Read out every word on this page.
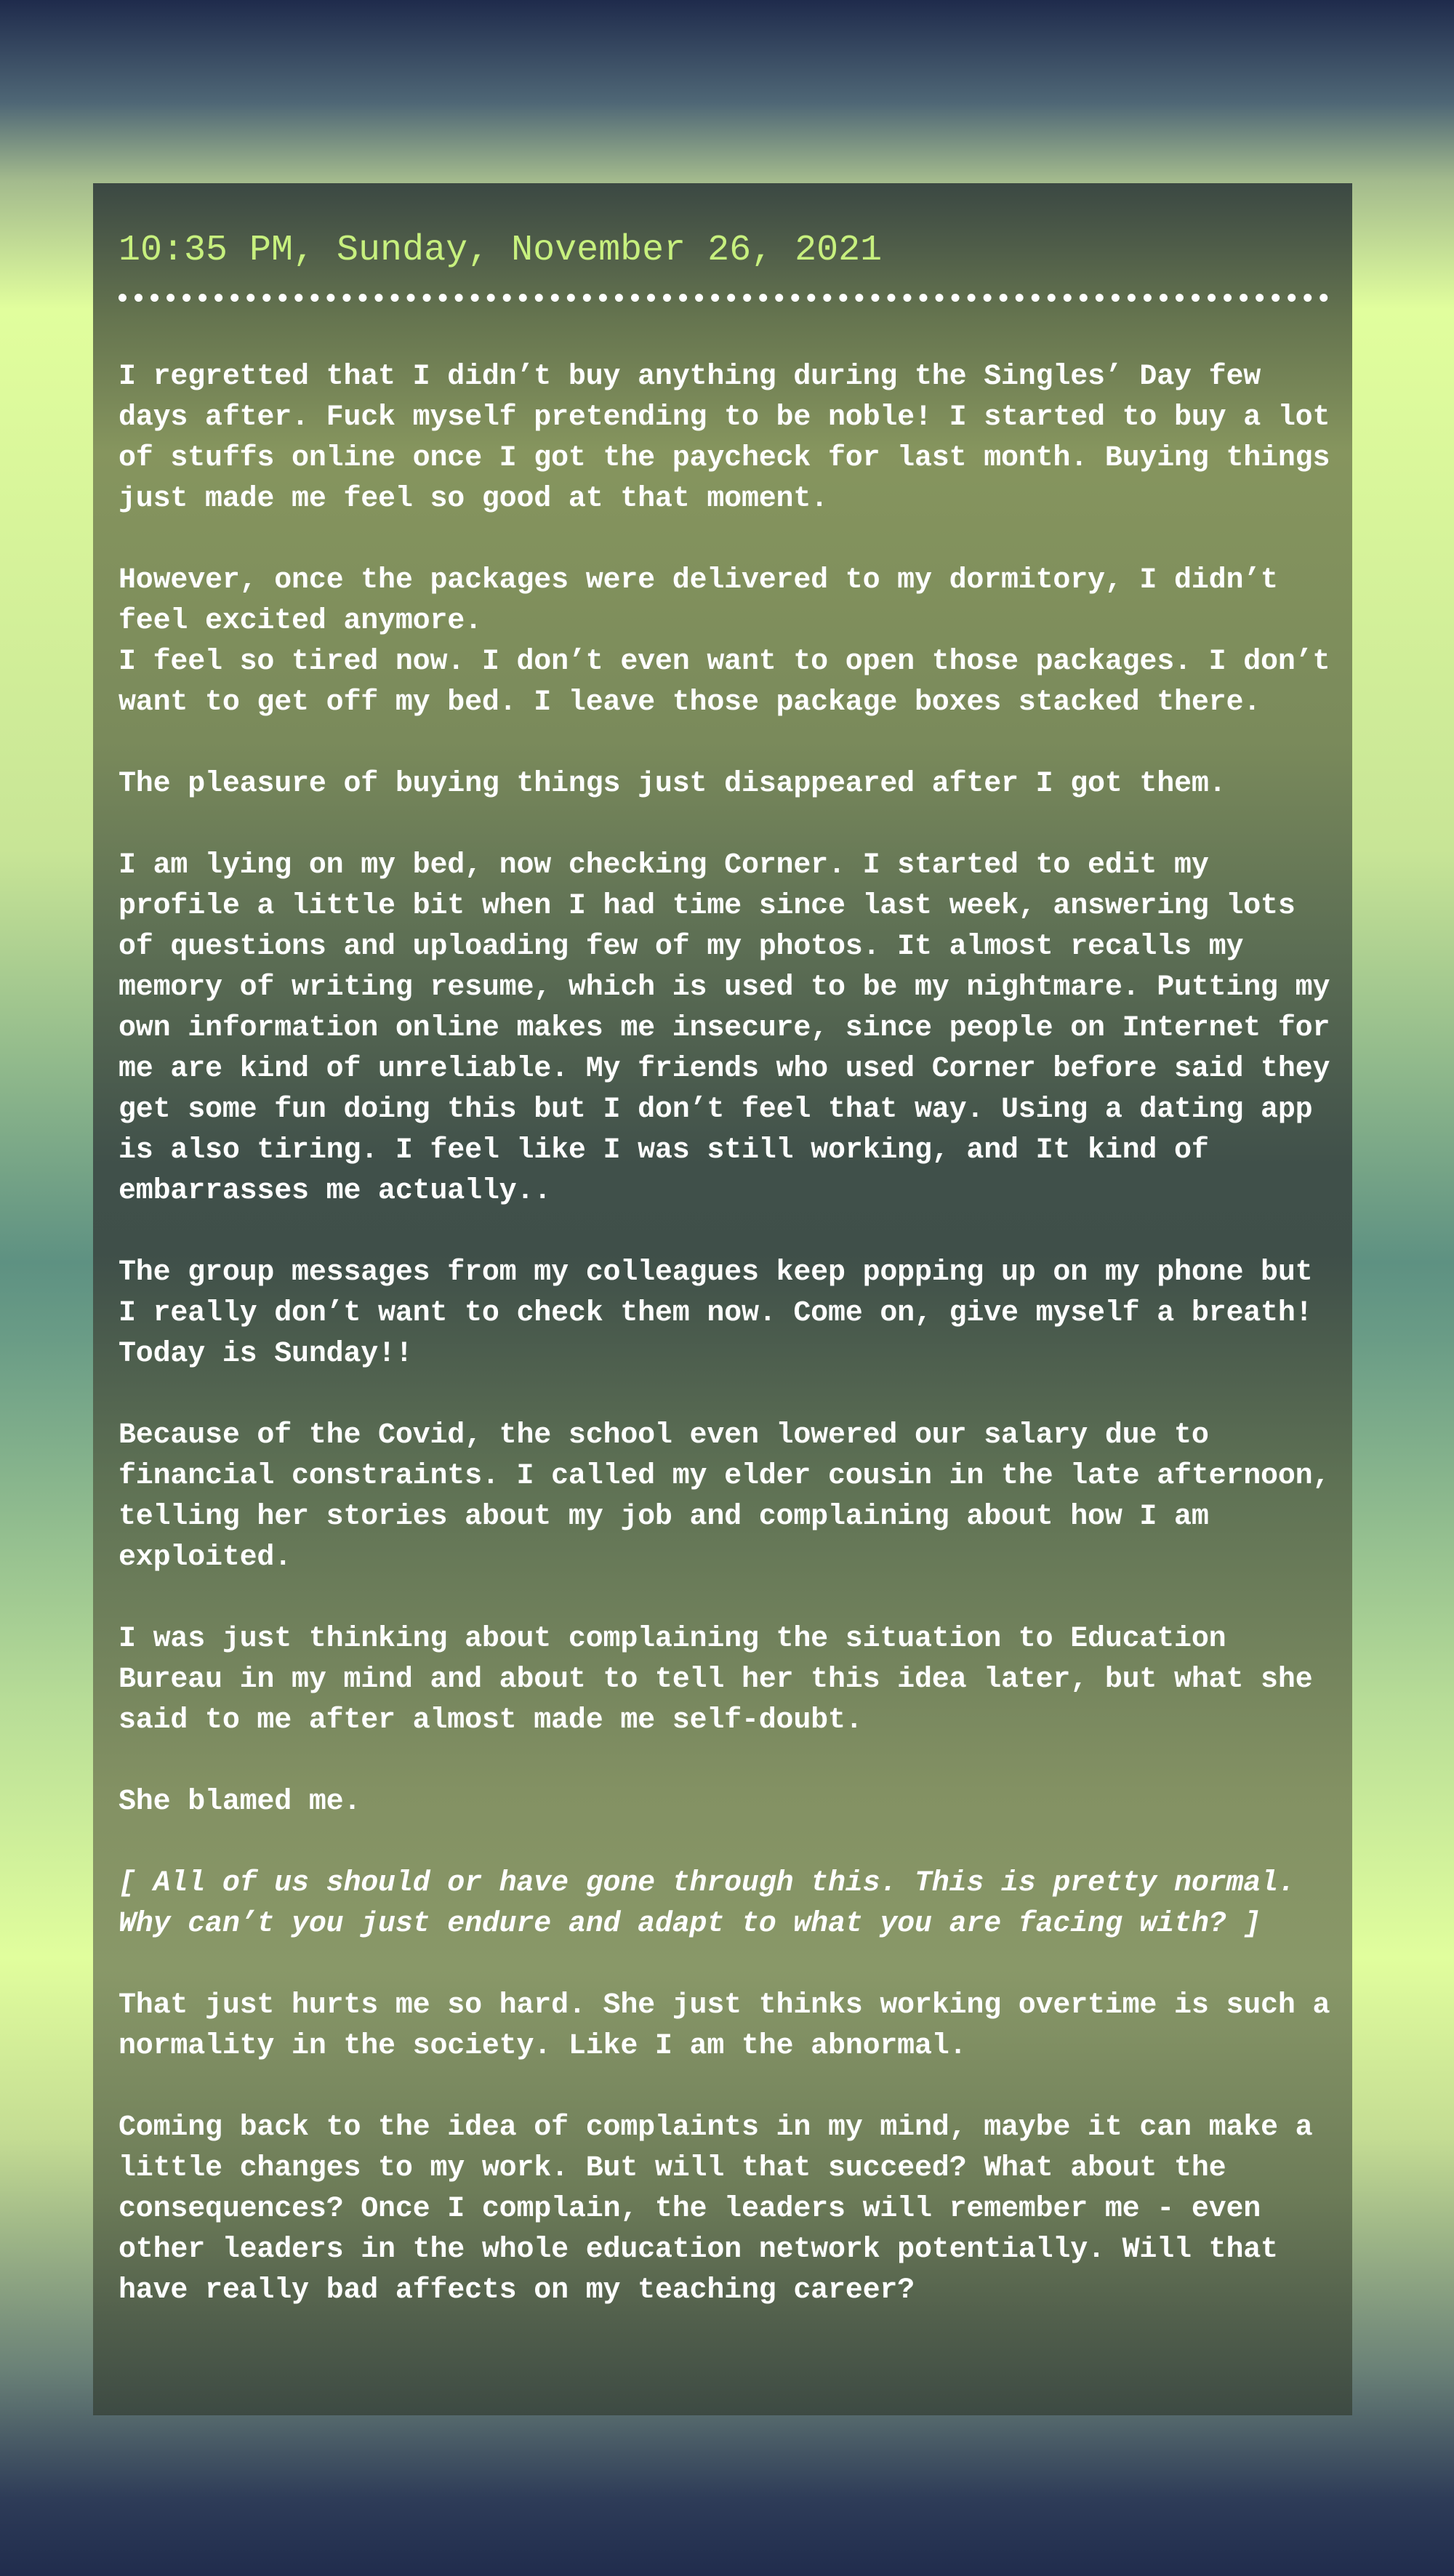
10:35 PM, Sunday, November 26, 2021

I regretted that I didn’t buy anything during the Singles’ Day few days after. Fuck myself pretending to be noble! I started to buy a lot of stuffs online once I got the paycheck for last month. Buying things just made me feel so good at that moment.

However, once the packages were delivered to my dormitory, I didn’t feel excited anymore.
I feel so tired now. I don’t even want to open those packages. I don’t want to get off my bed. I leave those package boxes stacked there.

The pleasure of buying things just disappeared after I got them.

I am lying on my bed, now checking Corner. I started to edit my profile a little bit when I had time since last week, answering lots of questions and uploading few of my photos. It almost recalls my memory of writing resume, which is used to be my nightmare. Putting my own information online makes me insecure, since people on Internet for me are kind of unreliable. My friends who used Corner before said they get some fun doing this but I don’t feel that way. Using a dating app is also tiring. I feel like I was still working, and It kind of embarrasses me actually..

The group messages from my colleagues keep popping up on my phone but I really don’t want to check them now. Come on, give myself a breath! Today is Sunday!!

Because of the Covid, the school even lowered our salary due to financial constraints. I called my elder cousin in the late afternoon, telling her stories about my job and complaining about how I am exploited.

I was just thinking about complaining the situation to Education Bureau in my mind and about to tell her this idea later, but what she said to me after almost made me self-doubt.

She blamed me.

[ All of us should or have gone through this. This is pretty normal. Why can’t you just endure and adapt to what you are facing with? ]

That just hurts me so hard. She just thinks working overtime is such a normality in the society. Like I am the abnormal.

Coming back to the idea of complaints in my mind, maybe it can make a little changes to my work. But will that succeed? What about the consequences? Once I complain, the leaders will remember me - even other leaders in the whole education network potentially. Will that have really bad affects on my teaching career?
